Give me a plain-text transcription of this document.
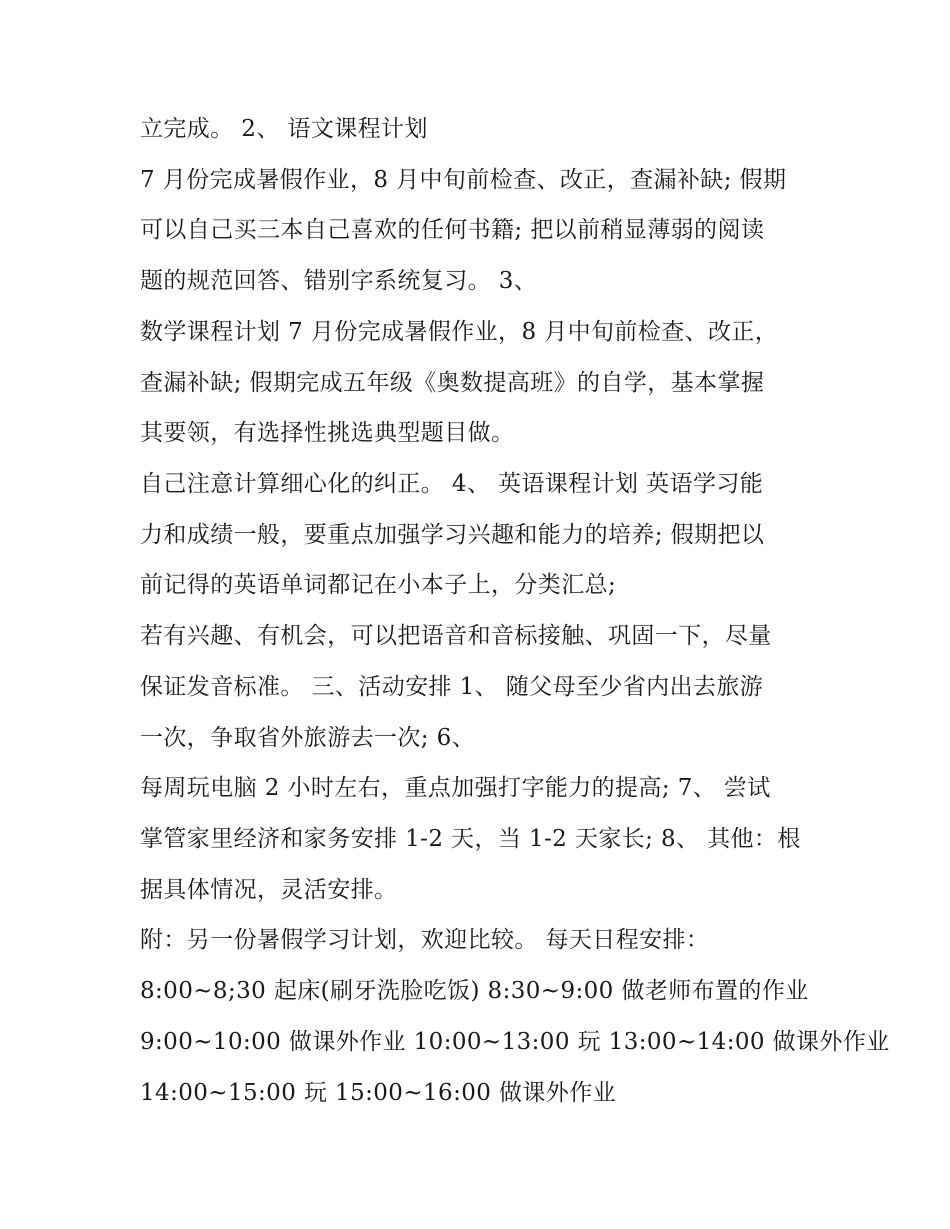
立完成。 2、 语文课程计划
7 月份完成暑假作业，8 月中旬前检查、改正，查漏补缺; 假期
可以自己买三本自己喜欢的任何书籍; 把以前稍显薄弱的阅读
题的规范回答、错别字系统复习。 3、
数学课程计划 7 月份完成暑假作业，8 月中旬前检查、改正，
查漏补缺; 假期完成五年级《奥数提高班》的自学，基本掌握
其要领，有选择性挑选典型题目做。
自己注意计算细心化的纠正。 4、 英语课程计划 英语学习能
力和成绩一般，要重点加强学习兴趣和能力的培养; 假期把以
前记得的英语单词都记在小本子上，分类汇总;
若有兴趣、有机会，可以把语音和音标接触、巩固一下，尽量
保证发音标准。 三、活动安排 1、 随父母至少省内出去旅游
一次，争取省外旅游去一次; 6、
每周玩电脑 2 小时左右，重点加强打字能力的提高; 7、 尝试
掌管家里经济和家务安排 1-2 天，当 1-2 天家长; 8、 其他：根
据具体情况，灵活安排。
附：另一份暑假学习计划，欢迎比较。 每天日程安排：
8:00~8;30 起床(刷牙洗脸吃饭) 8:30~9:00 做老师布置的作业
9:00~10:00 做课外作业 10:00~13:00 玩 13:00~14:00 做课外作业
14:00~15:00 玩 15:00~16:00 做课外作业
